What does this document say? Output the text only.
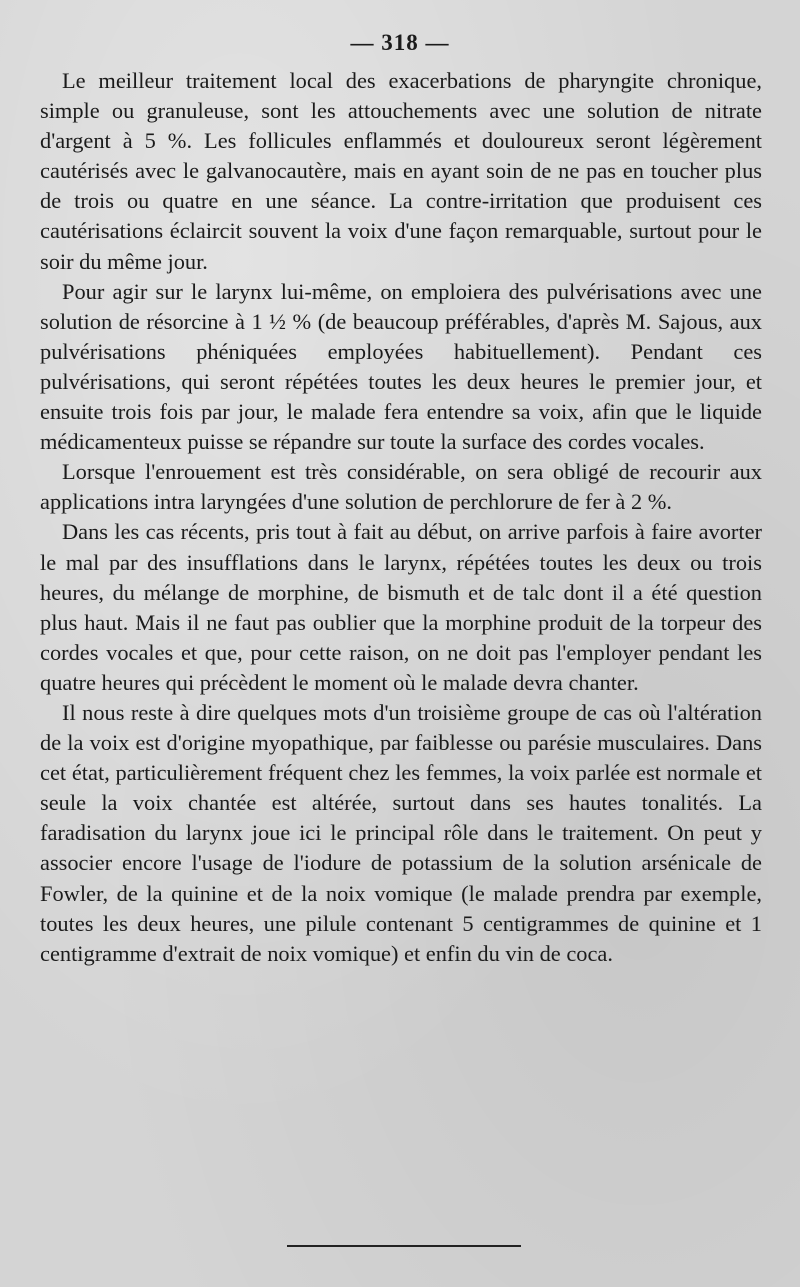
— 318 —

Le meilleur traitement local des exacerbations de pharyngite chronique, simple ou granuleuse, sont les attouchements avec une solution de nitrate d'argent à 5 %. Les follicules enflammés et douloureux seront légèrement cautérisés avec le galvanocautère, mais en ayant soin de ne pas en toucher plus de trois ou quatre en une séance. La contre-irritation que produisent ces cautérisations éclaircit souvent la voix d'une façon remarquable, surtout pour le soir du même jour.

Pour agir sur le larynx lui-même, on emploiera des pulvérisations avec une solution de résorcine à 1 ½ % (de beaucoup préférables, d'après M. Sajous, aux pulvérisations phéniquées employées habituellement). Pendant ces pulvérisations, qui seront répétées toutes les deux heures le premier jour, et ensuite trois fois par jour, le malade fera entendre sa voix, afin que le liquide médicamenteux puisse se répandre sur toute la surface des cordes vocales.

Lorsque l'enrouement est très considérable, on sera obligé de recourir aux applications intra laryngées d'une solution de perchlorure de fer à 2 %.

Dans les cas récents, pris tout à fait au début, on arrive parfois à faire avorter le mal par des insufflations dans le larynx, répétées toutes les deux ou trois heures, du mélange de morphine, de bismuth et de talc dont il a été question plus haut. Mais il ne faut pas oublier que la morphine produit de la torpeur des cordes vocales et que, pour cette raison, on ne doit pas l'employer pendant les quatre heures qui précèdent le moment où le malade devra chanter.

Il nous reste à dire quelques mots d'un troisième groupe de cas où l'altération de la voix est d'origine myopathique, par faiblesse ou parésie musculaires. Dans cet état, particulièrement fréquent chez les femmes, la voix parlée est normale et seule la voix chantée est altérée, surtout dans ses hautes tonalités. La faradisation du larynx joue ici le principal rôle dans le traitement. On peut y associer encore l'usage de l'iodure de potassium de la solution arsénicale de Fowler, de la quinine et de la noix vomique (le malade prendra par exemple, toutes les deux heures, une pilule contenant 5 centigrammes de quinine et 1 centigramme d'extrait de noix vomique) et enfin du vin de coca.
